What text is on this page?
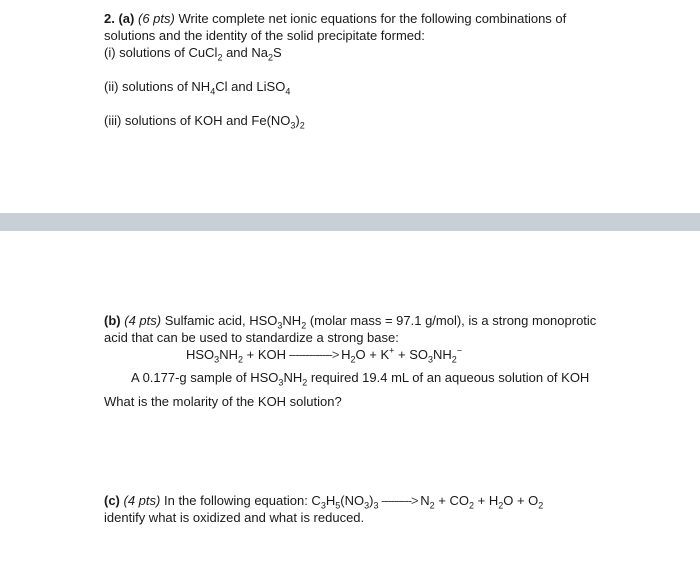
2. (a) (6 pts) Write complete net ionic equations for the following combinations of
solutions and the identity of the solid precipitate formed:
(i) solutions of CuCl$_2$ and $Na_2S$
(ii) solutions of $NH_4Cl$ and LiSO$_4$
(iii) solutions of KOH and $Fe(NO_3)_2$
(b) (4 pts) Sulfamic acid, $HSO_3NH_2$ (molar mass = 97.1 g/mol), is a strong monoprotic
acid that can be used to standardize a strong base:
$HSO_3NH_2$ + KOH -------------> $H_2O + K^+ + SO_3NH_2^-$
A 0.177-g sample of $HSO_3NH_2$ required 19.4 mL of an aqueous solution of KOH
What is the molarity of the KOH solution?
(c) (4 pts) In the following equation: $C_3H_5(NO_3)_3$ ---------> $N_2 + CO_2 + H_2O + O_2$
identify what is oxidized and what is reduced.
